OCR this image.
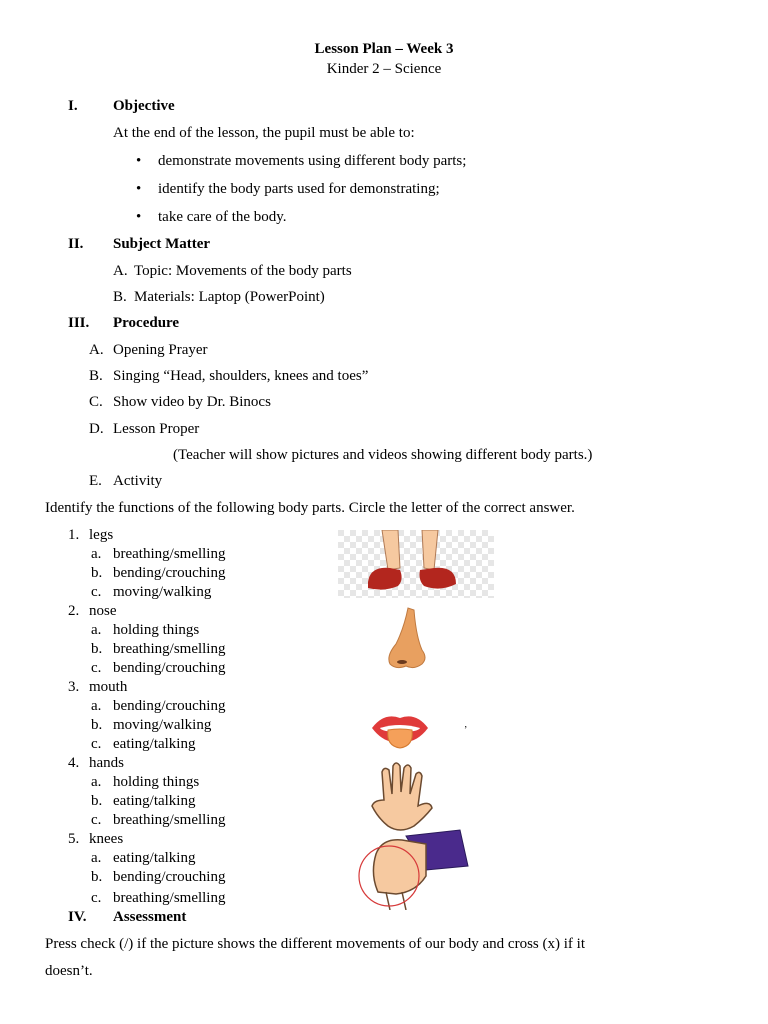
Lesson Plan – Week 3
Kinder 2 – Science
I. Objective
At the end of the lesson, the pupil must be able to:
• demonstrate movements using different body parts;
• identify the body parts used for demonstrating;
• take care of the body.
II. Subject Matter
A. Topic: Movements of the body parts
B. Materials: Laptop (PowerPoint)
III. Procedure
A. Opening Prayer
B. Singing “Head, shoulders, knees and toes”
C. Show video by Dr. Binocs
D. Lesson Proper
(Teacher will show pictures and videos showing different body parts.)
E. Activity
Identify the functions of the following body parts. Circle the letter of the correct answer.
1. legs
a. breathing/smelling
b. bending/crouching
c. moving/walking
2. nose
a. holding things
b. breathing/smelling
c. bending/crouching
3. mouth
a. bending/crouching
b. moving/walking
c. eating/talking
4. hands
a. holding things
b. eating/talking
c. breathing/smelling
5. knees
a. eating/talking
b. bending/crouching
c. breathing/smelling
IV. Assessment
Press check (/) if the picture shows the different movements of our body and cross (x) if it
doesn’t.
’
